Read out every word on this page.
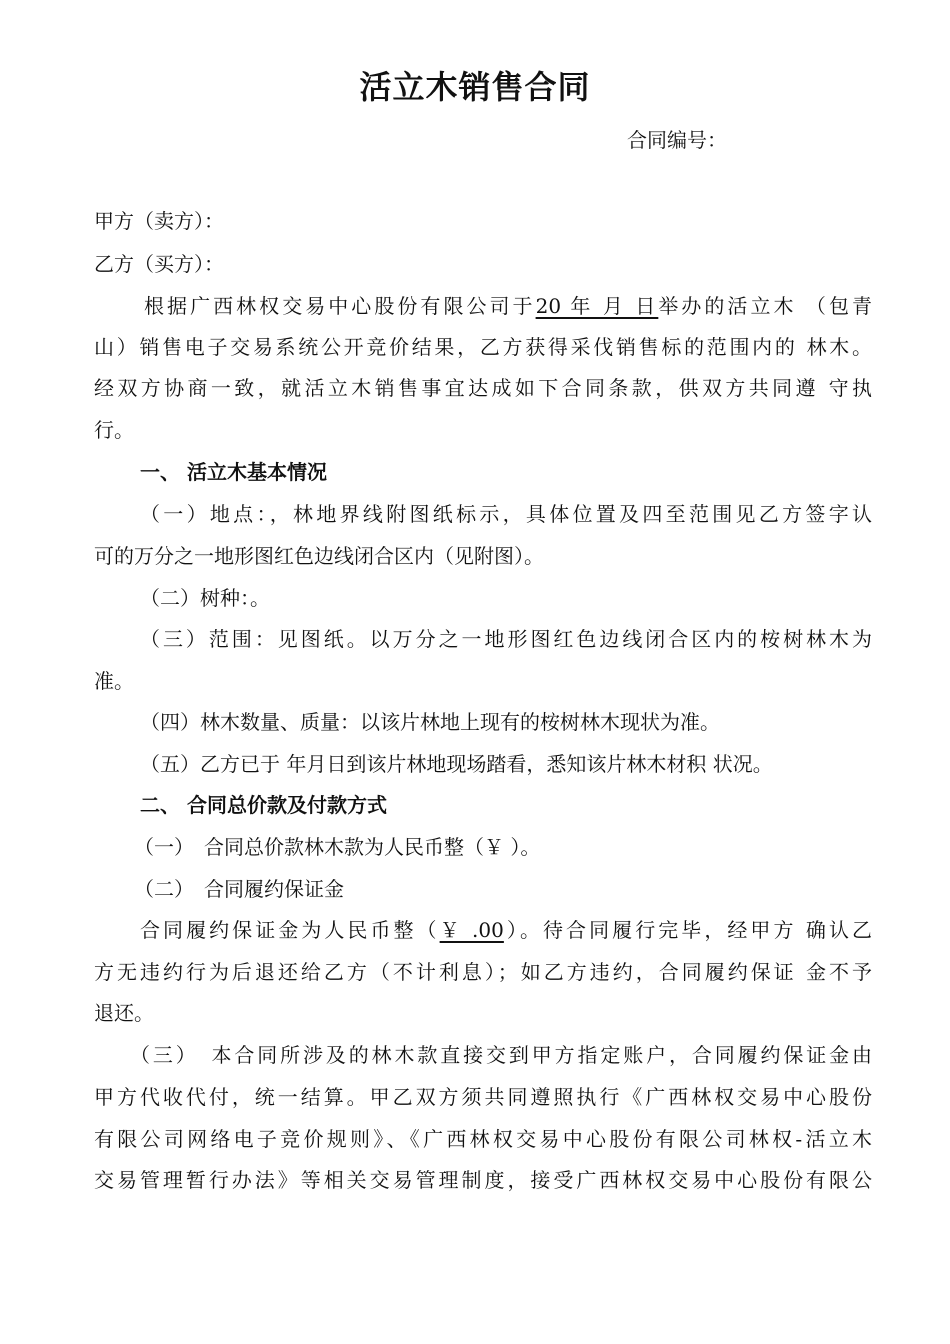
活立木销售合同
合同编号：
甲方（卖方）：
乙方（买方）：
根据广西林权交易中心股份有限公司于20 年 月 日举办的活立木 （包青
山）销售电子交易系统公开竞价结果，乙方获得采伐销售标的范围内的 林木。
经双方协商一致，就活立木销售事宜达成如下合同条款，供双方共同遵 守执
行。
一、 活立木基本情况
（一）地点：，林地界线附图纸标示，具体位置及四至范围见乙方签字认
可的万分之一地形图红色边线闭合区内（见附图）。
（二）树种：。
（三）范围：见图纸。以万分之一地形图红色边线闭合区内的桉树林木为
准。
（四）林木数量、质量：以该片林地上现有的桉树林木现状为准。
（五）乙方已于 年月日到该片林地现场踏看，悉知该片林木材积 状况。
二、 合同总价款及付款方式
（一）　合同总价款林木款为人民币整（￥ ）。
（二）　合同履约保证金
合同履约保证金为人民币整（￥ .00）。待合同履行完毕，经甲方 确认乙
方无违约行为后退还给乙方（不计利息）；如乙方违约，合同履约保证 金不予
退还。
（三）　本合同所涉及的林木款直接交到甲方指定账户，合同履约保证金由
甲方代收代付，统一结算。甲乙双方须共同遵照执行《广西林权交易中心股份
有限公司网络电子竞价规则》、《广西林权交易中心股份有限公司林权-活立木
交易管理暂行办法》等相关交易管理制度，接受广西林权交易中心股份有限公
